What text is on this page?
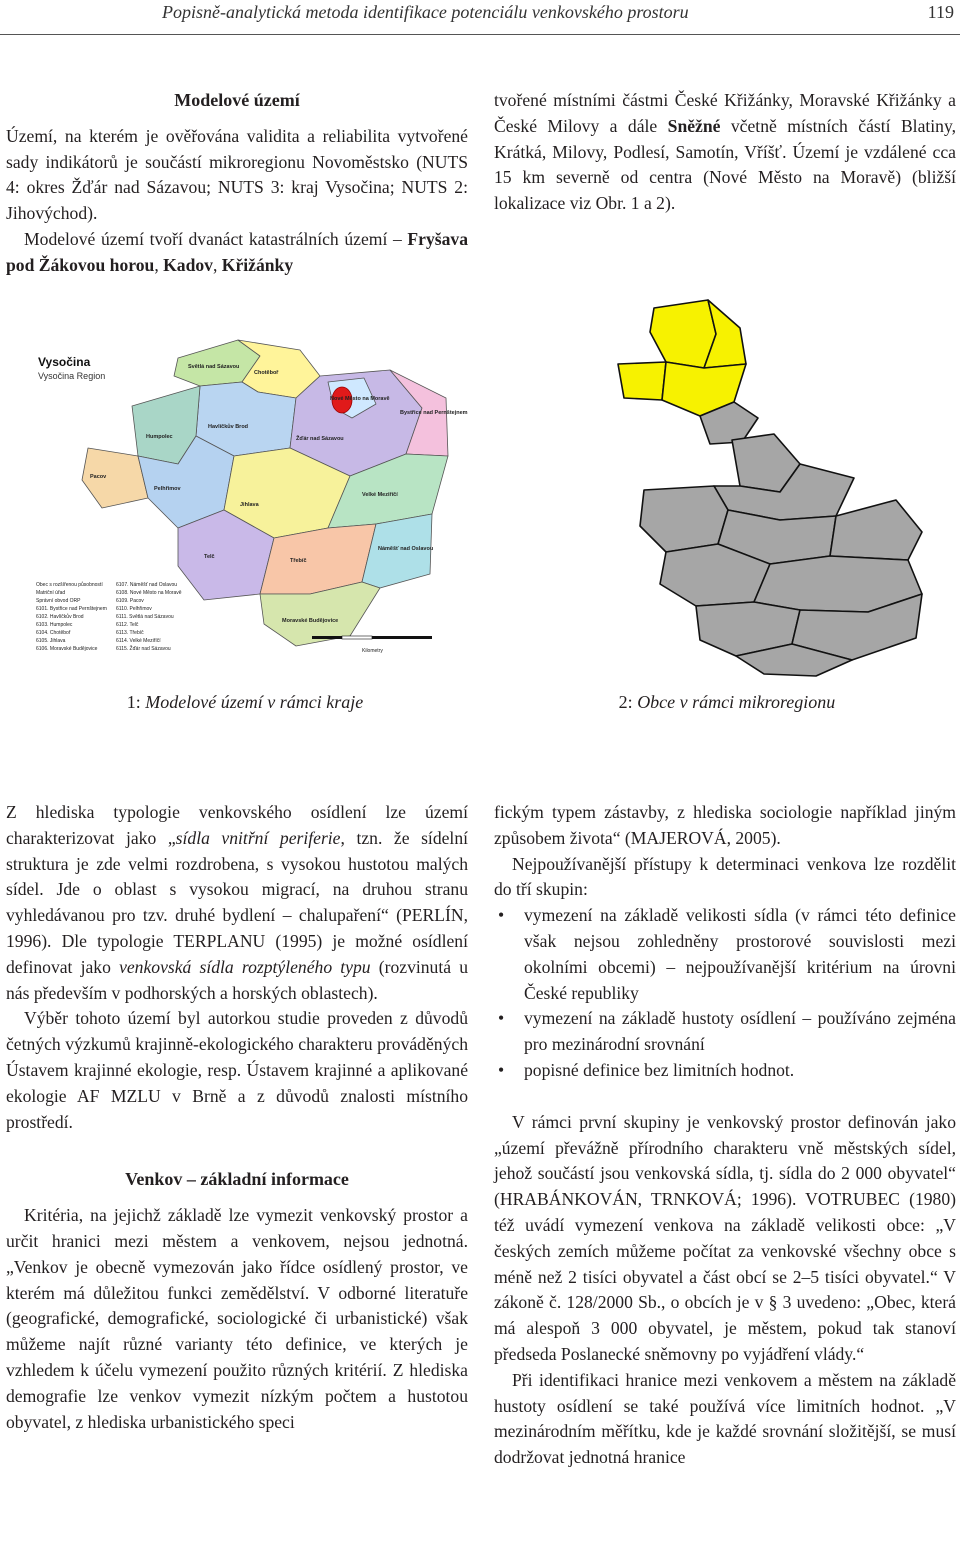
Popisně-analytická metoda identifikace potenciálu venkovského prostoru	119

Modelové území

Území, na kterém je ověřována validita a reliabilita vytvořené sady indikátorů je součástí mikroregionu Novoměstsko (NUTS 4: okres Žďár nad Sázavou; NUTS 3: kraj Vysočina; NUTS 2: Jihovýchod).

Modelové území tvoří dvanáct katastrálních území – Fryšava pod Žákovou horou, Kadov, Křižánky

tvořené místními částmi České Křižánky, Moravské Křižánky a České Milovy a dále Sněžné včetně místních částí Blatiny, Krátká, Milovy, Podlesí, Samotín, Vříšť. Území je vzdálené cca 15 km severně od centra (Nové Město na Moravě) (bližší lokalizace viz Obr. 1 a 2).

Vysočina
Vysočina Region
Světlá nad Sázavou
Chotěboř
Havlíčkův Brod
Humpolec	Žďár nad Sázavou
Bystřice nad Pernštejnem
Nové Město na Moravě
Pelhřimov
Pacov
Jihlava
Velké Meziříčí
Telč
Třebíč
Náměšť nad Oslavou
Moravské Budějovice
Obec s rozšířenou působností
Matriční úřad
Správní obvod ORP
6101. Bystřice nad Pernštejnem
6102. Havlíčkův Brod
6103. Humpolec
6104. Chotěboř
6105. Jihlava
6106. Moravské Budějovice
6107. Náměšť nad Oslavou
6108. Nové Město na Moravě
6109. Pacov
6110. Pelhřimov
6111. Světlá nad Sázavou
6112. Telč
6113. Třebíč
6114. Velké Meziříčí
6115. Žďár nad Sázavou	Kilometry
1: Modelové území v rámci kraje	2: Obce v rámci mikroregionu

Z hlediska typologie venkovského osídlení lze území charakterizovat jako „sídla vnitřní periferie, tzn. že sídelní struktura je zde velmi rozdrobena, s vysokou hustotou malých sídel. Jde o oblast s vysokou migrací, na druhou stranu vyhledávanou pro tzv. druhé bydlení – chalupaření“ (PERLÍN, 1996). Dle typologie TERPLANU (1995) je možné osídlení definovat jako venkovská sídla rozptýleného typu (rozvinutá u nás především v podhorských a horských oblastech).

Výběr tohoto území byl autorkou studie proveden z důvodů četných výzkumů krajinně-ekologického charakteru prováděných Ústavem krajinné ekologie, resp. Ústavem krajinné a aplikované ekologie AF MZLU v Brně a z důvodů znalosti místního prostředí.

Venkov – základní informace

Kritéria, na jejichž základě lze vymezit venkovský prostor a určit hranici mezi městem a venkovem, nejsou jednotná. „Venkov je obecně vymezován jako řídce osídlený prostor, ve kterém má důležitou funkci zemědělství. V odborné literatuře (geografické, demografické, sociologické či urbanistické) však můžeme najít různé varianty této definice, ve kterých je vzhledem k účelu vymezení použito různých kritérií. Z hlediska demografie lze venkov vymezit nízkým počtem a hustotou obyvatel, z hlediska urbanistického speci

fickým typem zástavby, z hlediska sociologie například jiným způsobem života“ (MAJEROVÁ, 2005).

Nejpoužívanější přístupy k determinaci venkova lze rozdělit do tří skupin:

• vymezení na základě velikosti sídla (v rámci této definice však nejsou zohledněny prostorové souvislosti mezi okolními obcemi) – nejpoužívanější kritérium na úrovni České republiky
• vymezení na základě hustoty osídlení – používáno zejména pro mezinárodní srovnání
• popisné definice bez limitních hodnot.

V rámci první skupiny je venkovský prostor definován jako „území převážně přírodního charakteru vně městských sídel, jehož součástí jsou venkovská sídla, tj. sídla do 2 000 obyvatel“ (HRABÁNKOVÁN, TRNKOVÁ; 1996). VOTRUBEC (1980) též uvádí vymezení venkova na základě velikosti obce: „V českých zemích můžeme počítat za venkovské všechny obce s méně než 2 tisíci obyvatel a část obcí se 2–5 tisíci obyvatel.“ V zákoně č. 128/2000 Sb., o obcích je v § 3 uvedeno: „Obec, která má alespoň 3 000 obyvatel, je městem, pokud tak stanoví předseda Poslanecké sněmovny po vyjádření vlády.“

Při identifikaci hranice mezi venkovem a městem na základě hustoty osídlení se také používá více limitních hodnot. „V mezinárodním měřítku, kde je každé srovnání složitější, se musí dodržovat jednotná hranice
